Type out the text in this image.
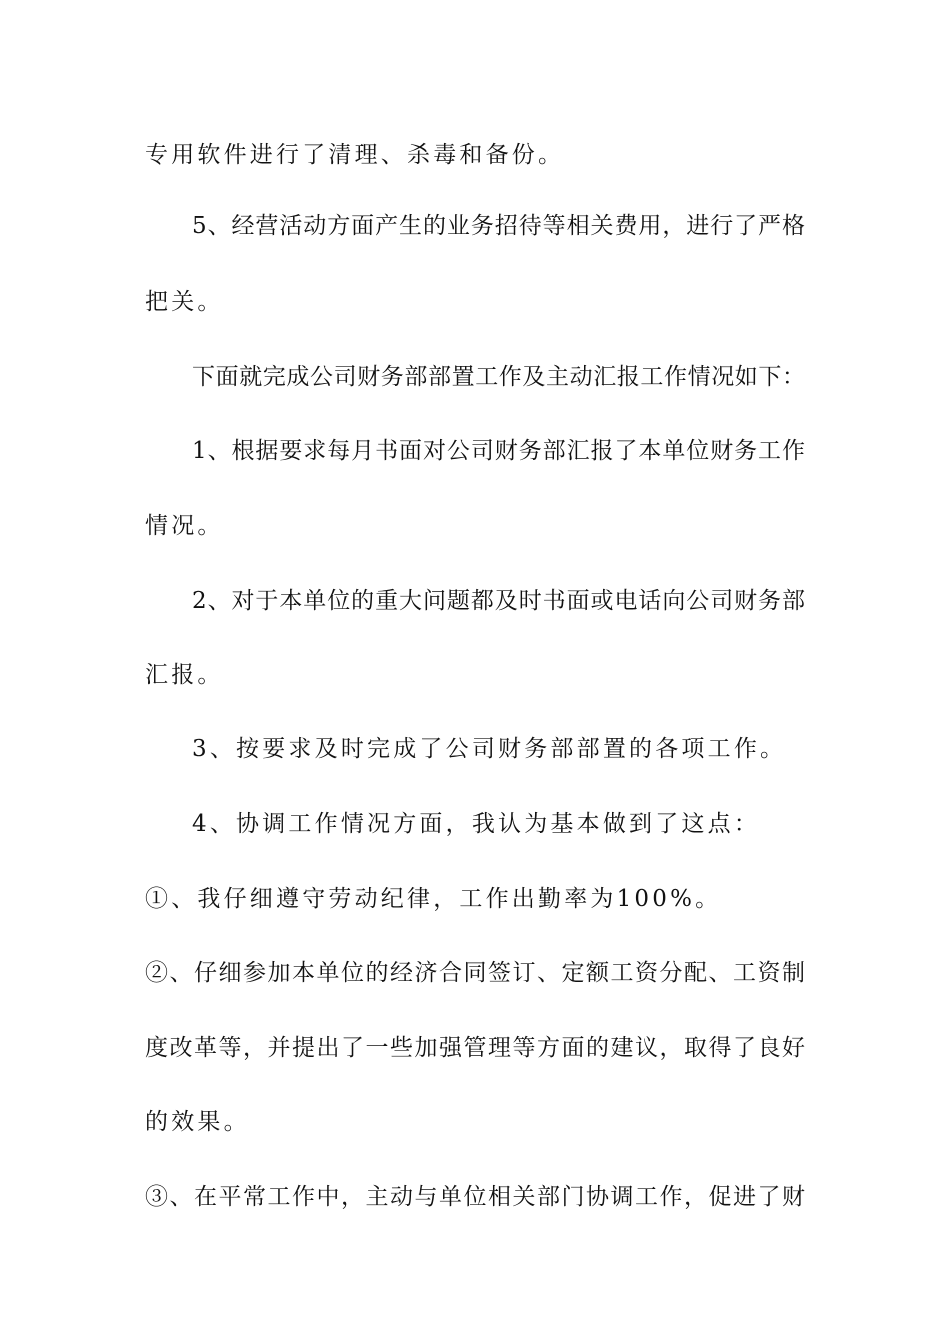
专用软件进行了清理、杀毒和备份。
5、经营活动方面产生的业务招待等相关费用，进行了严格
把关。
下面就完成公司财务部部置工作及主动汇报工作情况如下：
1、根据要求每月书面对公司财务部汇报了本单位财务工作
情况。
2、对于本单位的重大问题都及时书面或电话向公司财务部
汇报。
3、按要求及时完成了公司财务部部置的各项工作。
4、协调工作情况方面，我认为基本做到了这点：
①、我仔细遵守劳动纪律，工作出勤率为100%。
②、仔细参加本单位的经济合同签订、定额工资分配、工资制
度改革等，并提出了一些加强管理等方面的建议，取得了良好
的效果。
③、在平常工作中，主动与单位相关部门协调工作，促进了财
